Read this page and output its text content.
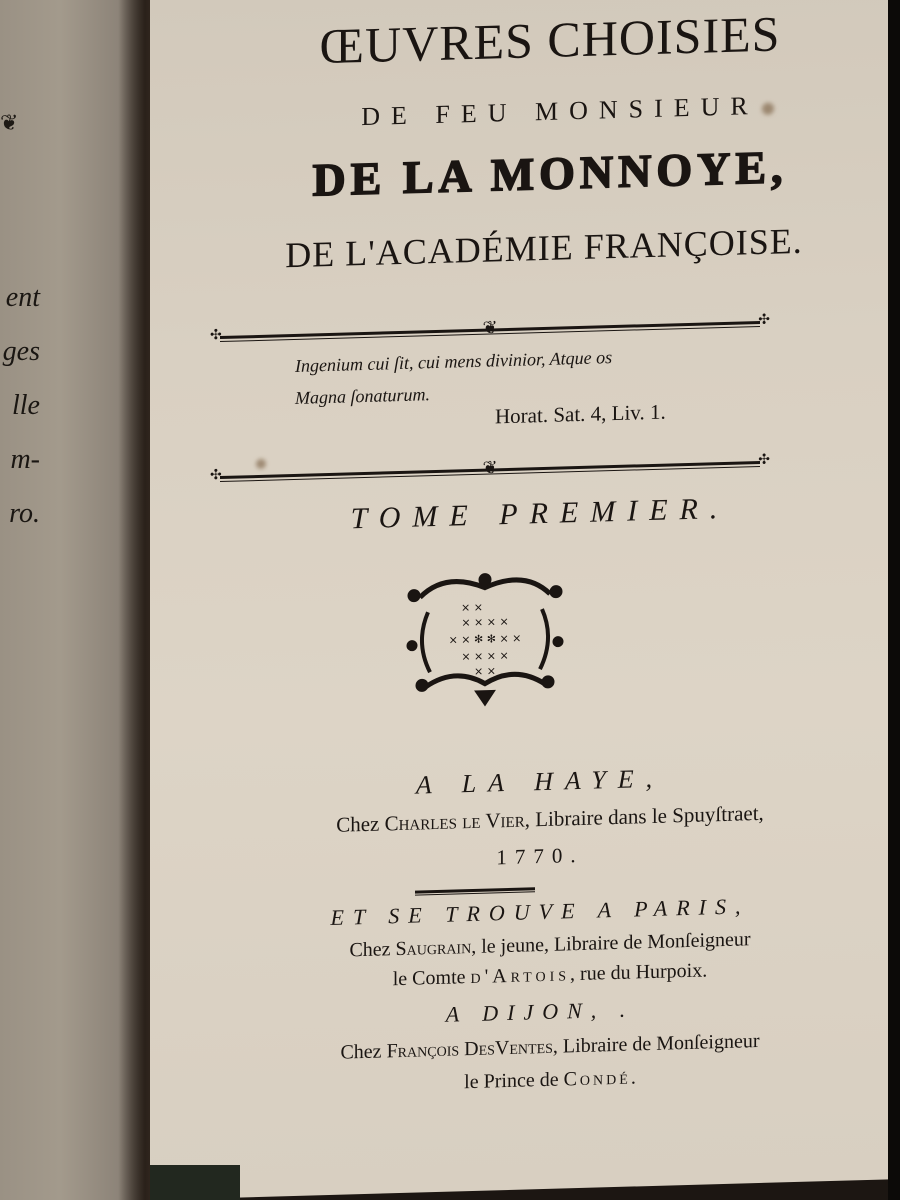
❦
ent
ges
lle
m-
ro.
ŒUVRES CHOISIES
DE FEU MONSIEUR
DE LA MONNOYE,
DE L'ACADÉMIE FRANÇOISE.
✣ ❦
✣
Ingenium cui ſit, cui mens divinior, Atque os
Magna ſonaturum.
Horat. Sat. 4, Liv. 1.
✣ ❦
✣
TOME PREMIER.
× ×
× × × ×
× × ✻ ✻ × ×
× × × ×
× ×
A LA HAYE,
Chez Charles le Vier, Libraire dans le Spuyſtraet,
1770.
ET SE TROUVE A PARIS,
Chez Saugrain, le jeune, Libraire de Monſeigneur
le Comte d'Artois, rue du Hurpoix.
A DIJON, .
Chez François DesVentes, Libraire de Monſeigneur
le Prince de Condé.
